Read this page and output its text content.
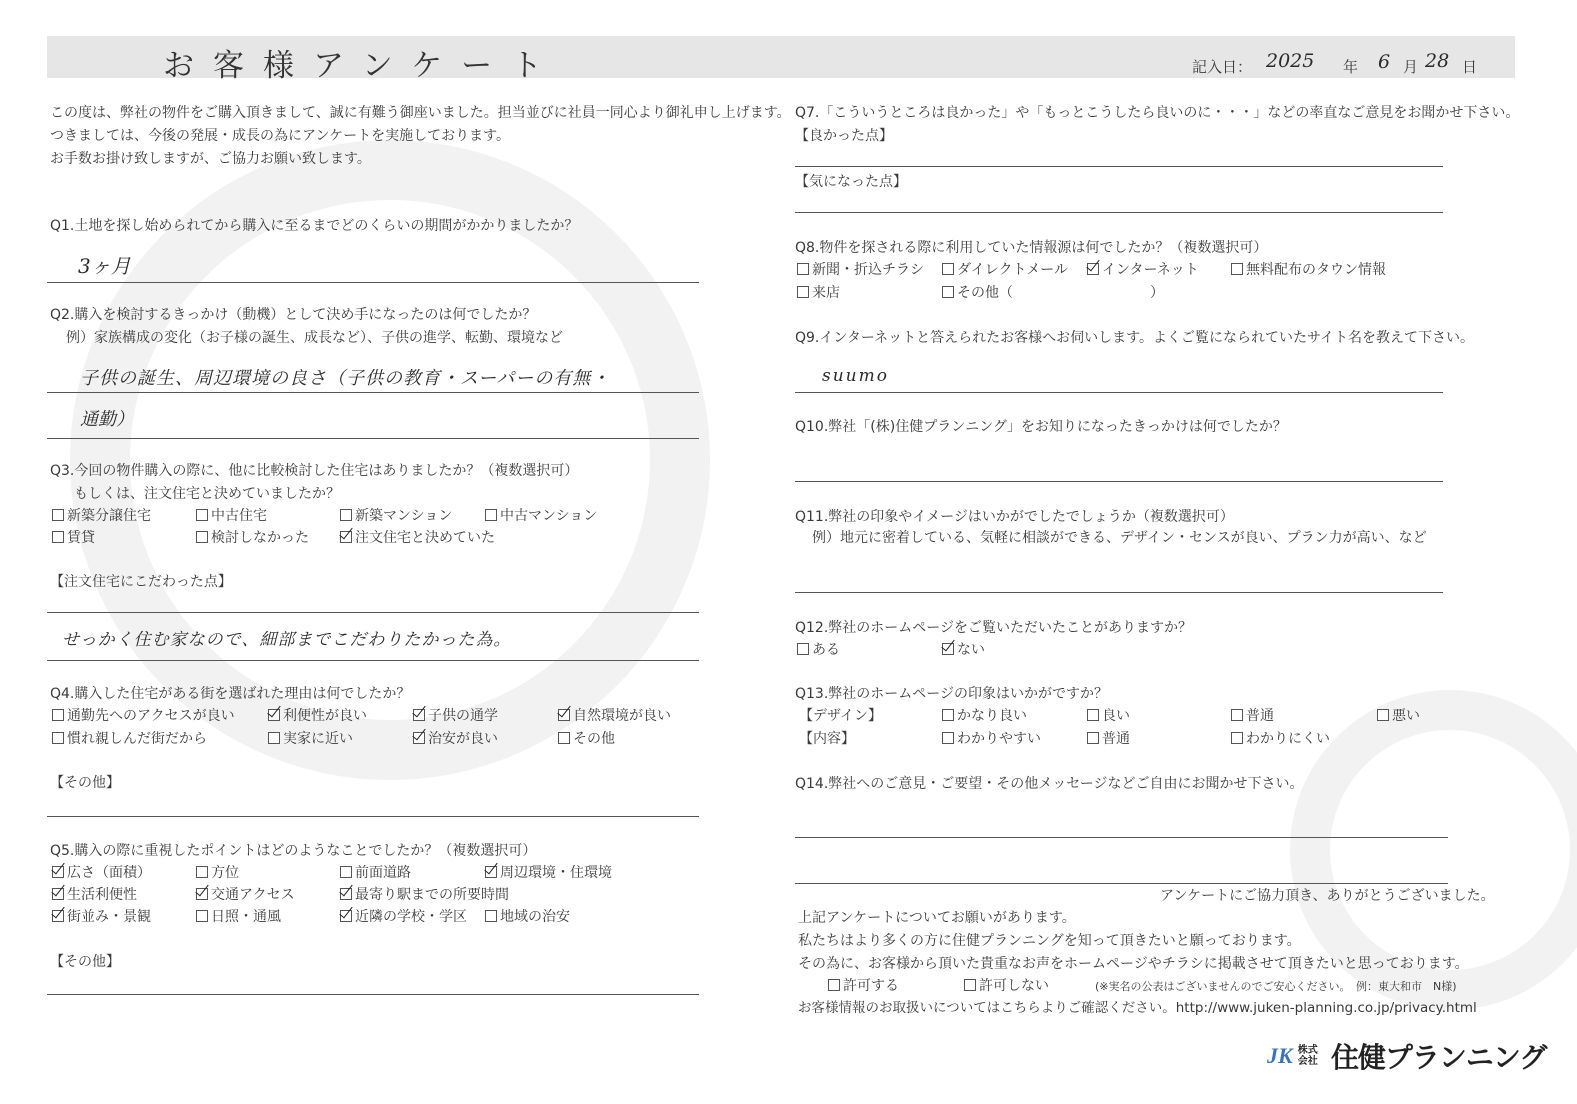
お客様アンケート	記入日： 2025 年 6 月 28 日
この度は、弊社の物件をご購入頂きまして、誠に有難う御座いました。担当並びに社員一同心より御礼申し上げます。
つきましては、今後の発展・成長の為にアンケートを実施しております。
お手数お掛け致しますが、ご協力お願い致します。
Q1.土地を探し始められてから購入に至るまでどのくらいの期間がかかりましたか？
3ヶ月
Q2.購入を検討するきっかけ（動機）として決め手になったのは何でしたか？
例）家族構成の変化（お子様の誕生、成長など）、子供の進学、転勤、環境など
子供の誕生、周辺環境の良さ（子供の教育・スーパーの有無・
通勤）
Q3.今回の物件購入の際に、他に比較検討した住宅はありましたか？（複数選択可）
もしくは、注文住宅と決めていましたか？
新築分譲住宅	中古住宅	新築マンション	中古マンション
賃貸	検討しなかった	注文住宅と決めていた
【注文住宅にこだわった点】
せっかく住む家なので、細部までこだわりたかった為。
Q4.購入した住宅がある街を選ばれた理由は何でしたか？
通勤先へのアクセスが良い	利便性が良い	子供の通学	自然環境が良い
慣れ親しんだ街だから	実家に近い	治安が良い	その他
【その他】
Q5.購入の際に重視したポイントはどのようなことでしたか？（複数選択可）
広さ（面積）	方位	前面道路	周辺環境・住環境
生活利便性	交通アクセス	最寄り駅までの所要時間
街並み・景観	日照・通風	近隣の学校・学区	地域の治安
【その他】
Q7.「こういうところは良かった」や「もっとこうしたら良いのに・・・」などの率直なご意見をお聞かせ下さい。
【良かった点】
【気になった点】
Q8.物件を探される際に利用していた情報源は何でしたか？（複数選択可）
新聞・折込チラシ	ダイレクトメール	インターネット	無料配布のタウン情報
来店	その他（	）
Q9.インターネットと答えられたお客様へお伺いします。よくご覧になられていたサイト名を教えて下さい。
suumo
Q10.弊社「(株)住健プランニング」をお知りになったきっかけは何でしたか？
Q11.弊社の印象やイメージはいかがでしたでしょうか（複数選択可）
例）地元に密着している、気軽に相談ができる、デザイン・センスが良い、プラン力が高い、など
Q12.弊社のホームページをご覧いただいたことがありますか？
ある	ない
Q13.弊社のホームページの印象はいかがですか？
【デザイン】	かなり良い	良い	普通	悪い
【内容】	わかりやすい	普通	わかりにくい
Q14.弊社へのご意見・ご要望・その他メッセージなどご自由にお聞かせ下さい。
アンケートにご協力頂き、ありがとうございました。
上記アンケートについてお願いがあります。
私たちはより多くの方に住健プランニングを知って頂きたいと願っております。
その為に、お客様から頂いた貴重なお声をホームページやチラシに掲載させて頂きたいと思っております。
許可する	許可しない	(※実名の公表はございませんのでご安心ください。　例：東大和市　N様)
お客様情報のお取扱いについてはこちらよりご確認ください。http://www.juken-planning.co.jp/privacy.html
JK 株式会社 住健プランニング
